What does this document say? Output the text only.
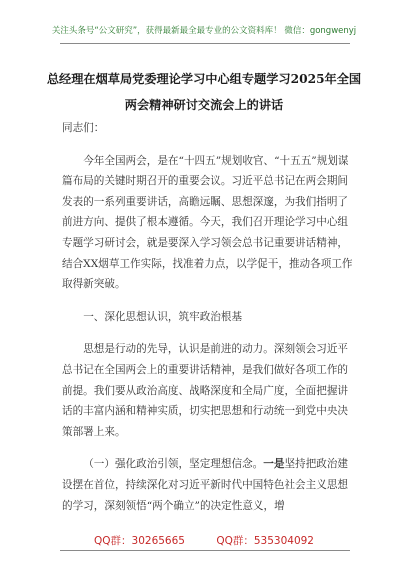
关注头条号“公文研究”，获得最新最全最专业的公文资料库！ 微信：gongwenyj
总经理在烟草局党委理论学习中心组专题学习2025年全国
两会精神研讨交流会上的讲话

同志们：

今年全国两会，是在“十四五”规划收官、“十五五”规划谋篇布局的关键时期召开的重要会议。习近平总书记在两会期间发表的一系列重要讲话，高瞻远瞩、思想深邃，为我们指明了前进方向、提供了根本遵循。今天，我们召开理论学习中心组专题学习研讨会，就是要深入学习领会总书记重要讲话精神，结合XX烟草工作实际，找准着力点，以学促干，推动各项工作取得新突破。

一、深化思想认识，筑牢政治根基

思想是行动的先导，认识是前进的动力。深刻领会习近平总书记在全国两会上的重要讲话精神，是我们做好各项工作的前提。我们要从政治高度、战略深度和全局广度，全面把握讲话的丰富内涵和精神实质，切实把思想和行动统一到党中央决策部署上来。

（一）强化政治引领，坚定理想信念。一是坚持把政治建设摆在首位，持续深化对习近平新时代中国特色社会主义思想的学习，深刻领悟“两个确立”的决定性意义，增

QQ群：30265665	QQ群：535304092
